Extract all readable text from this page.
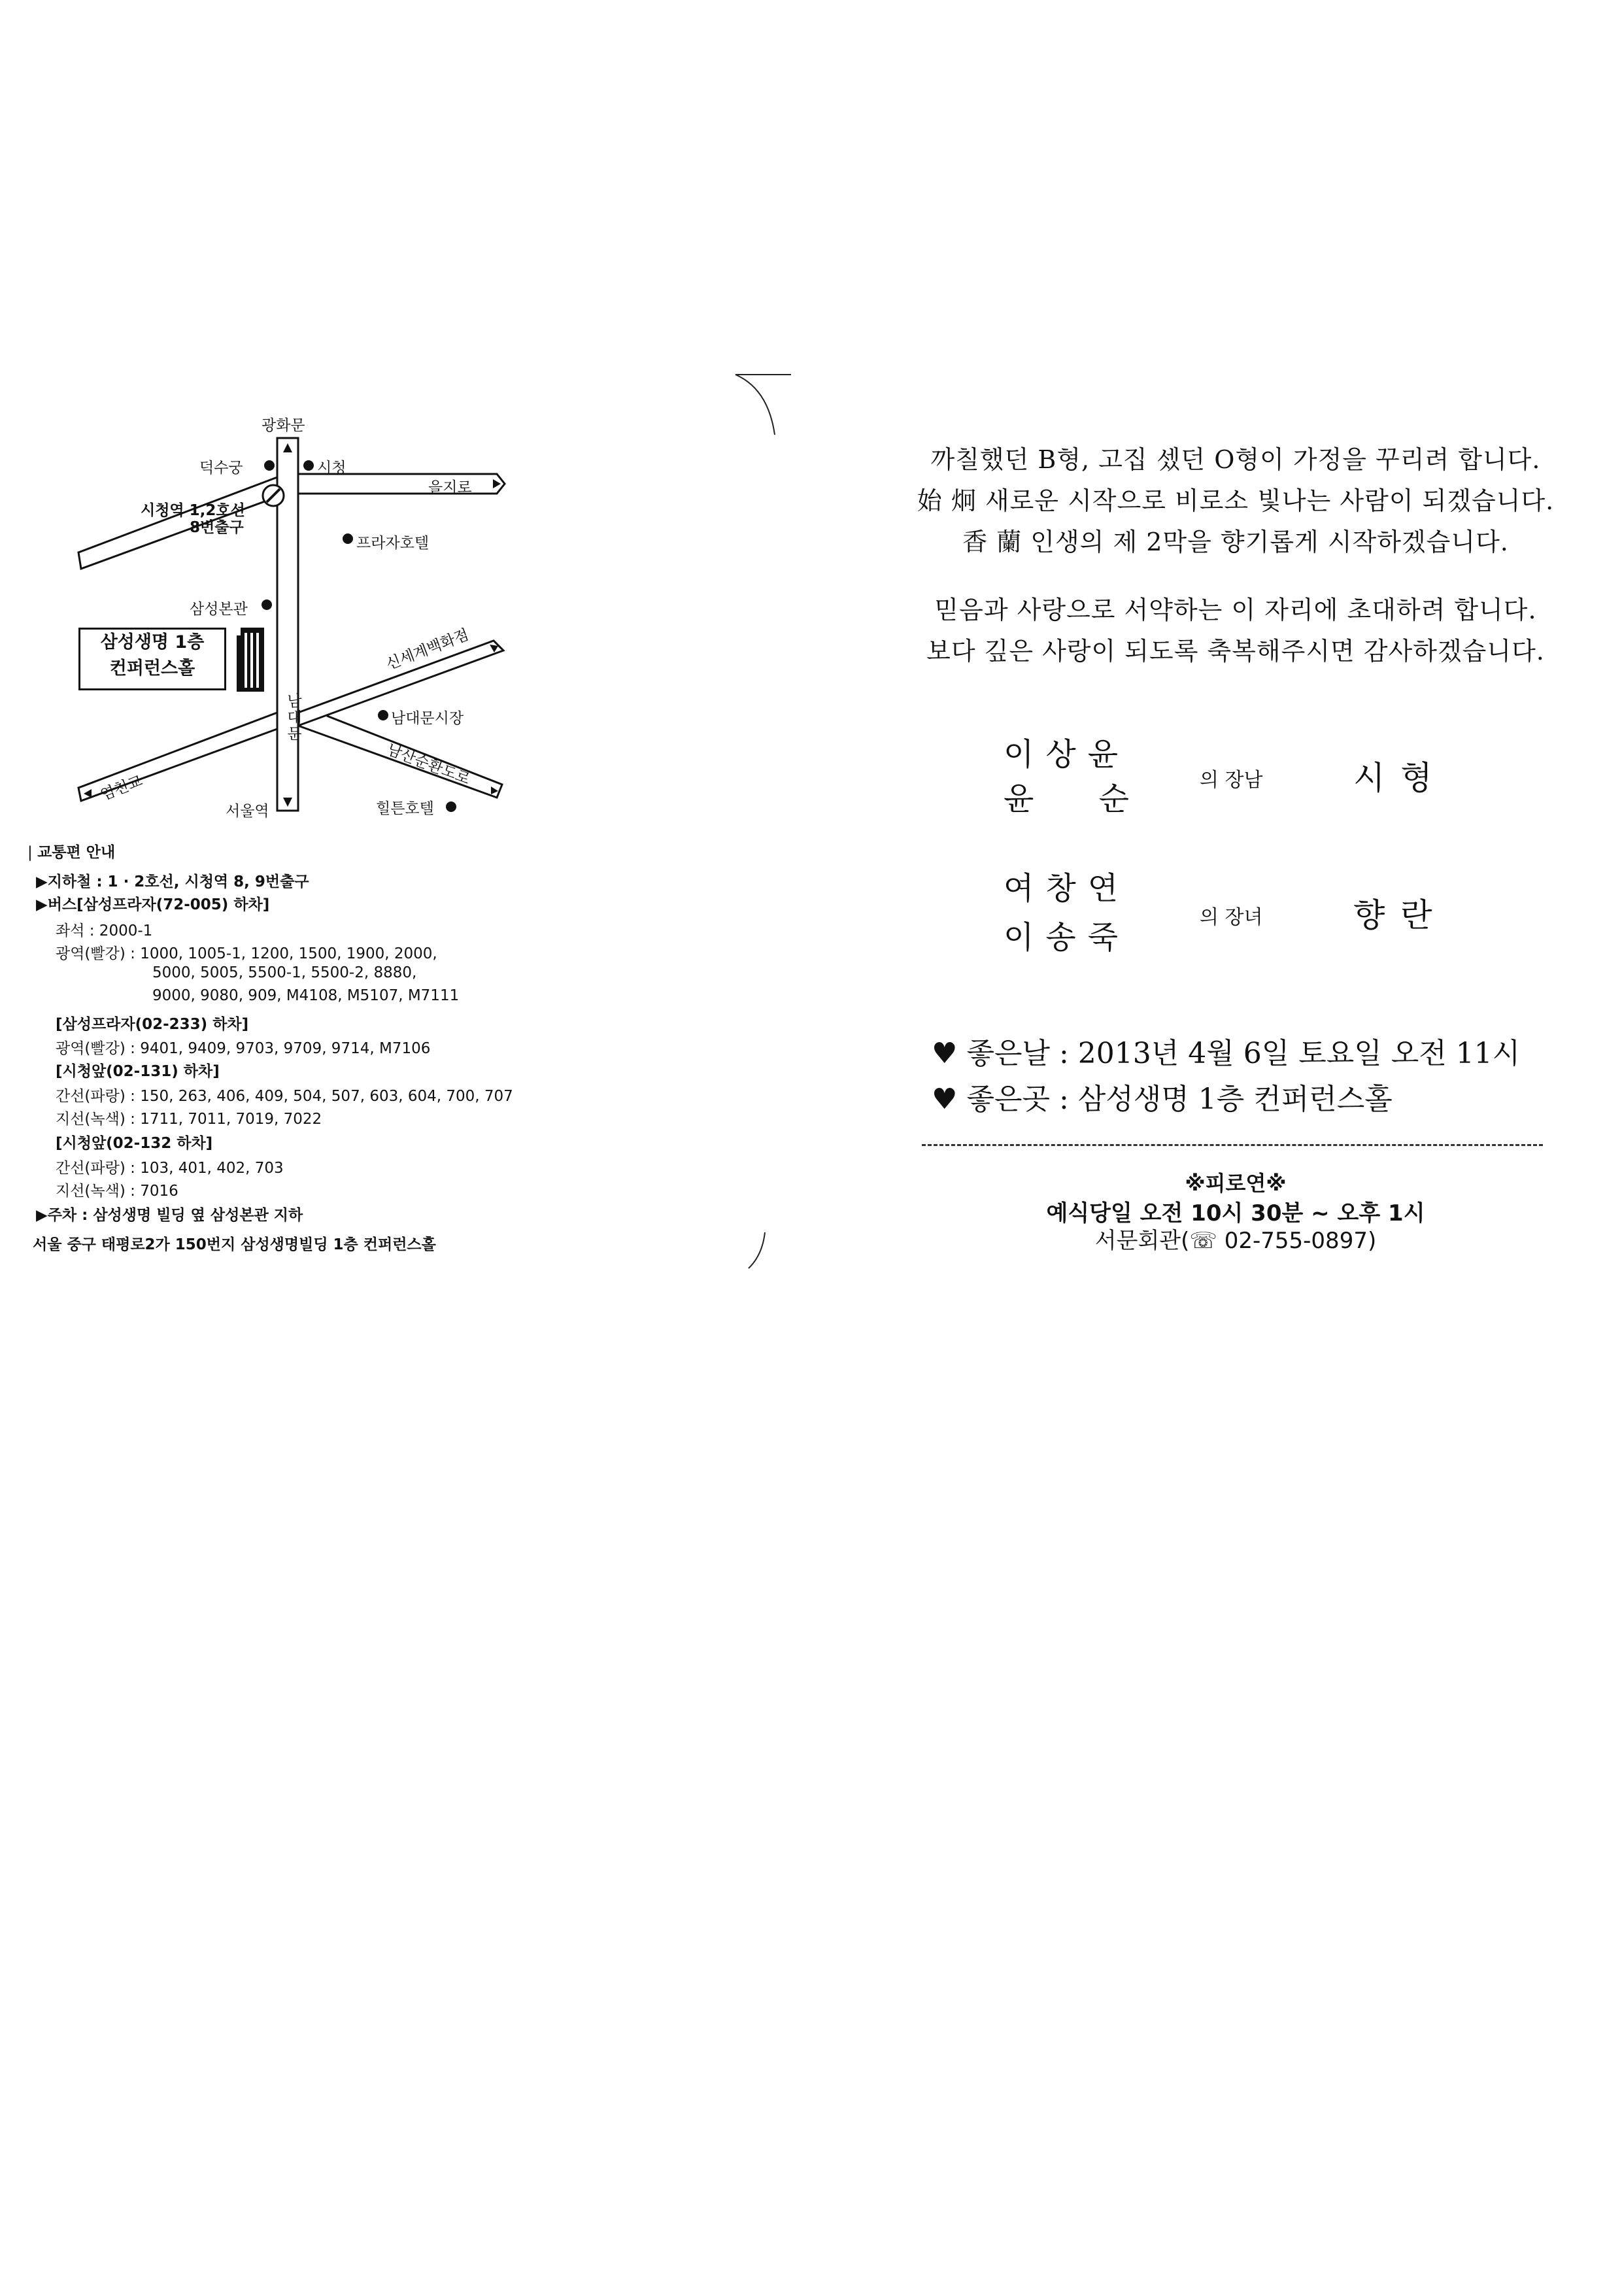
광화문
덕수궁	시청
을지로
시청역 1,2호선
8번출구
프라자호텔
삼성본관
삼성생명 1층
컨퍼런스홀	신세계백화점
남대문시장
남대문
염천교
남산순환도로
서울역	힐튼호텔
| 교통편 안내
▶지하철 : 1 · 2호선, 시청역 8, 9번출구
▶버스[삼성프라자(72-005) 하차]
좌석 : 2000-1
광역(빨강) : 1000, 1005-1, 1200, 1500, 1900, 2000,
5000, 5005, 5500-1, 5500-2, 8880,
9000, 9080, 909, M4108, M5107, M7111
[삼성프라자(02-233) 하차]
광역(빨강) : 9401, 9409, 9703, 9709, 9714, M7106
[시청앞(02-131) 하차]
간선(파랑) : 150, 263, 406, 409, 504, 507, 603, 604, 700, 707
지선(녹색) : 1711, 7011, 7019, 7022
[시청앞(02-132 하차]
간선(파랑) : 103, 401, 402, 703
지선(녹색) : 7016
▶주차 : 삼성생명 빌딩 옆 삼성본관 지하
서울 중구 태평로2가 150번지 삼성생명빌딩 1층 컨퍼런스홀
까칠했던 B형, 고집 셌던 O형이 가정을 꾸리려 합니다.
始 炯 새로운 시작으로 비로소 빛나는 사람이 되겠습니다.
香 蘭 인생의 제 2막을 향기롭게 시작하겠습니다.
믿음과 사랑으로 서약하는 이 자리에 초대하려 합니다.
보다 깊은 사랑이 되도록 축복해주시면 감사하겠습니다.
이상윤
윤 순
의 장남	시형
여창연
이송죽
의 장녀	향란
♥ 좋은날 : 2013년 4월 6일 토요일 오전 11시
♥ 좋은곳 : 삼성생명 1층 컨퍼런스홀
※피로연※
예식당일 오전 10시 30분 ~ 오후 1시
서문회관(☏ 02-755-0897)
